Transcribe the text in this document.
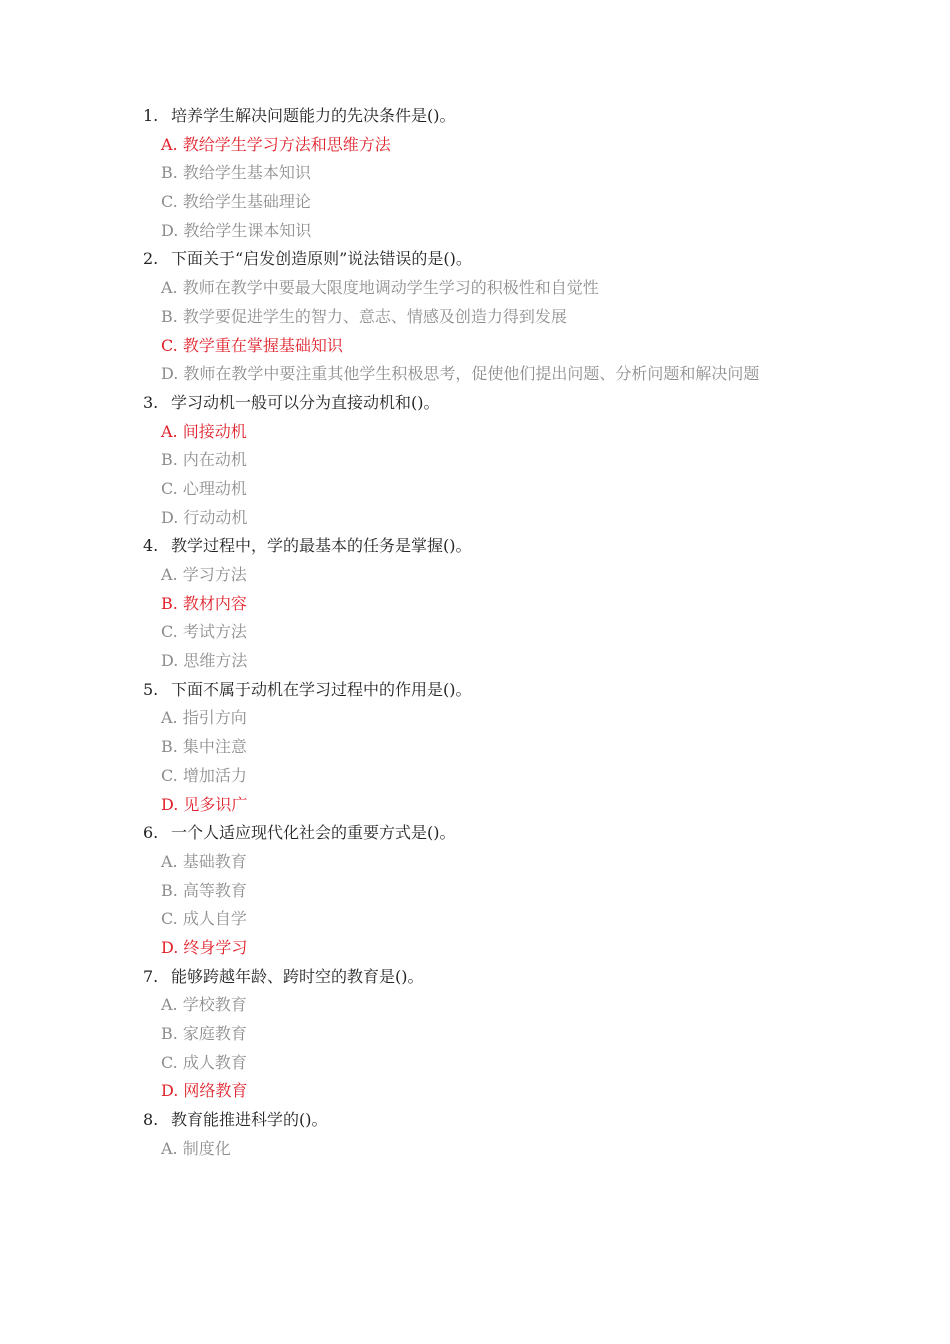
1. 培养学生解决问题能力的先决条件是()。
A. 教给学生学习方法和思维方法
B. 教给学生基本知识
C. 教给学生基础理论
D. 教给学生课本知识
2. 下面关于“启发创造原则”说法错误的是()。
A. 教师在教学中要最大限度地调动学生学习的积极性和自觉性
B. 教学要促进学生的智力、意志、情感及创造力得到发展
C. 教学重在掌握基础知识
D. 教师在教学中要注重其他学生积极思考，促使他们提出问题、分析问题和解决问题
3. 学习动机一般可以分为直接动机和()。
A. 间接动机
B. 内在动机
C. 心理动机
D. 行动动机
4. 教学过程中，学的最基本的任务是掌握()。
A. 学习方法
B. 教材内容
C. 考试方法
D. 思维方法
5. 下面不属于动机在学习过程中的作用是()。
A. 指引方向
B. 集中注意
C. 增加活力
D. 见多识广
6. 一个人适应现代化社会的重要方式是()。
A. 基础教育
B. 高等教育
C. 成人自学
D. 终身学习
7. 能够跨越年龄、跨时空的教育是()。
A. 学校教育
B. 家庭教育
C. 成人教育
D. 网络教育
8. 教育能推进科学的()。
A. 制度化
